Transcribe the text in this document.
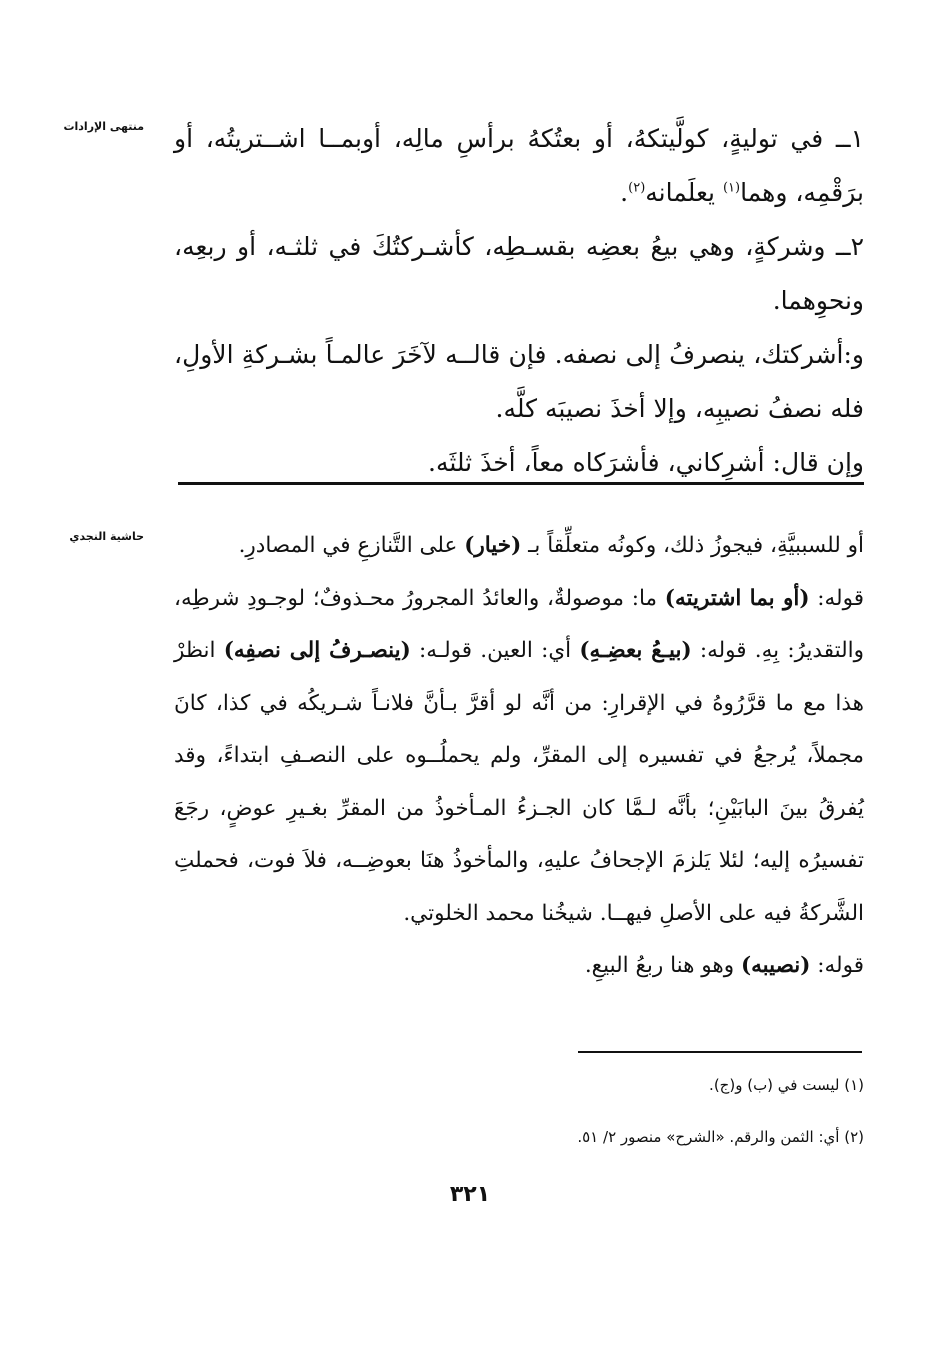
منتهى الإرادات ١ــ في توليةٍ، كولَّيتكهُ، أو بعتُكهُ برأسِ مالِه، أوبمــا اشــتريتُه، أو برَقْمِه، وهما$^{(١)}$ يعلَمانه$^{(٢)}$.

٢ــ وشركةٍ، وهي بيعُ بعضِه بقسـطِه، كأشـركتُكَ في ثلثـه، أو ربعِه، ونحوِهما.

و:أشركتك، ينصرفُ إلى نصفه. فإن قالــه لآخَرَ عالمـاً بشـركةِ الأولِ، فله نصفُ نصيبِه، وإلا أخذَ نصيبَه كلَّه.

وإن قال: أشرِكاني، فأشرَكاه معاً، أخذَ ثلثَه.

حاشية النجدي	أو للسببيَّةِ، فيجوزُ ذلك، وكونُه متعلِّقاً بـ (خيار) على التَّنازعِ في المصادرِ.

قوله: (أو بما اشتريته) ما: موصولةٌ، والعائدُ المجرورُ محـذوفٌ؛ لوجـودِ شرطِه، والتقديرُ: بِهِ. قوله: (بيـعُ بعضِـهِ) أي: العين. قولـه: (ينصـرفُ إلى نصفِه) انظرْ هذا مع ما قرَّرُوهُ في الإقرارِ: من أنَّه لو أقرَّ بـأنَّ فلانـاً شـريكُه في كذا، كانَ مجملاً، يُرجعُ في تفسيره إلى المقرِّ، ولم يحملُــوه على النصـفِ ابتداءً، وقد يُفرقُ بينَ البابَيْنِ؛ بأنَّه لـمَّا كان الجـزءُ المـأخوذُ من المقرِّ بغـيرِ عوضٍ، رجَعَ تفسيرُه إليه؛ لئلا يَلزمَ الإجحافُ عليهِ، والمأخوذُ هنَا بعوضِــه، فلاَ فوت، فحملتِ الشَّركةُ فيه على الأصلِ فيهــا. شيخُنا محمد الخلوتي.

قوله: (نصيبه) وهو هنا ربعُ البيعِ.

(١) ليست في (ب) و(ج).
(٢) أي: الثمن والرقم. «الشرح» منصور ٢/ ٥١.
٣٢١
